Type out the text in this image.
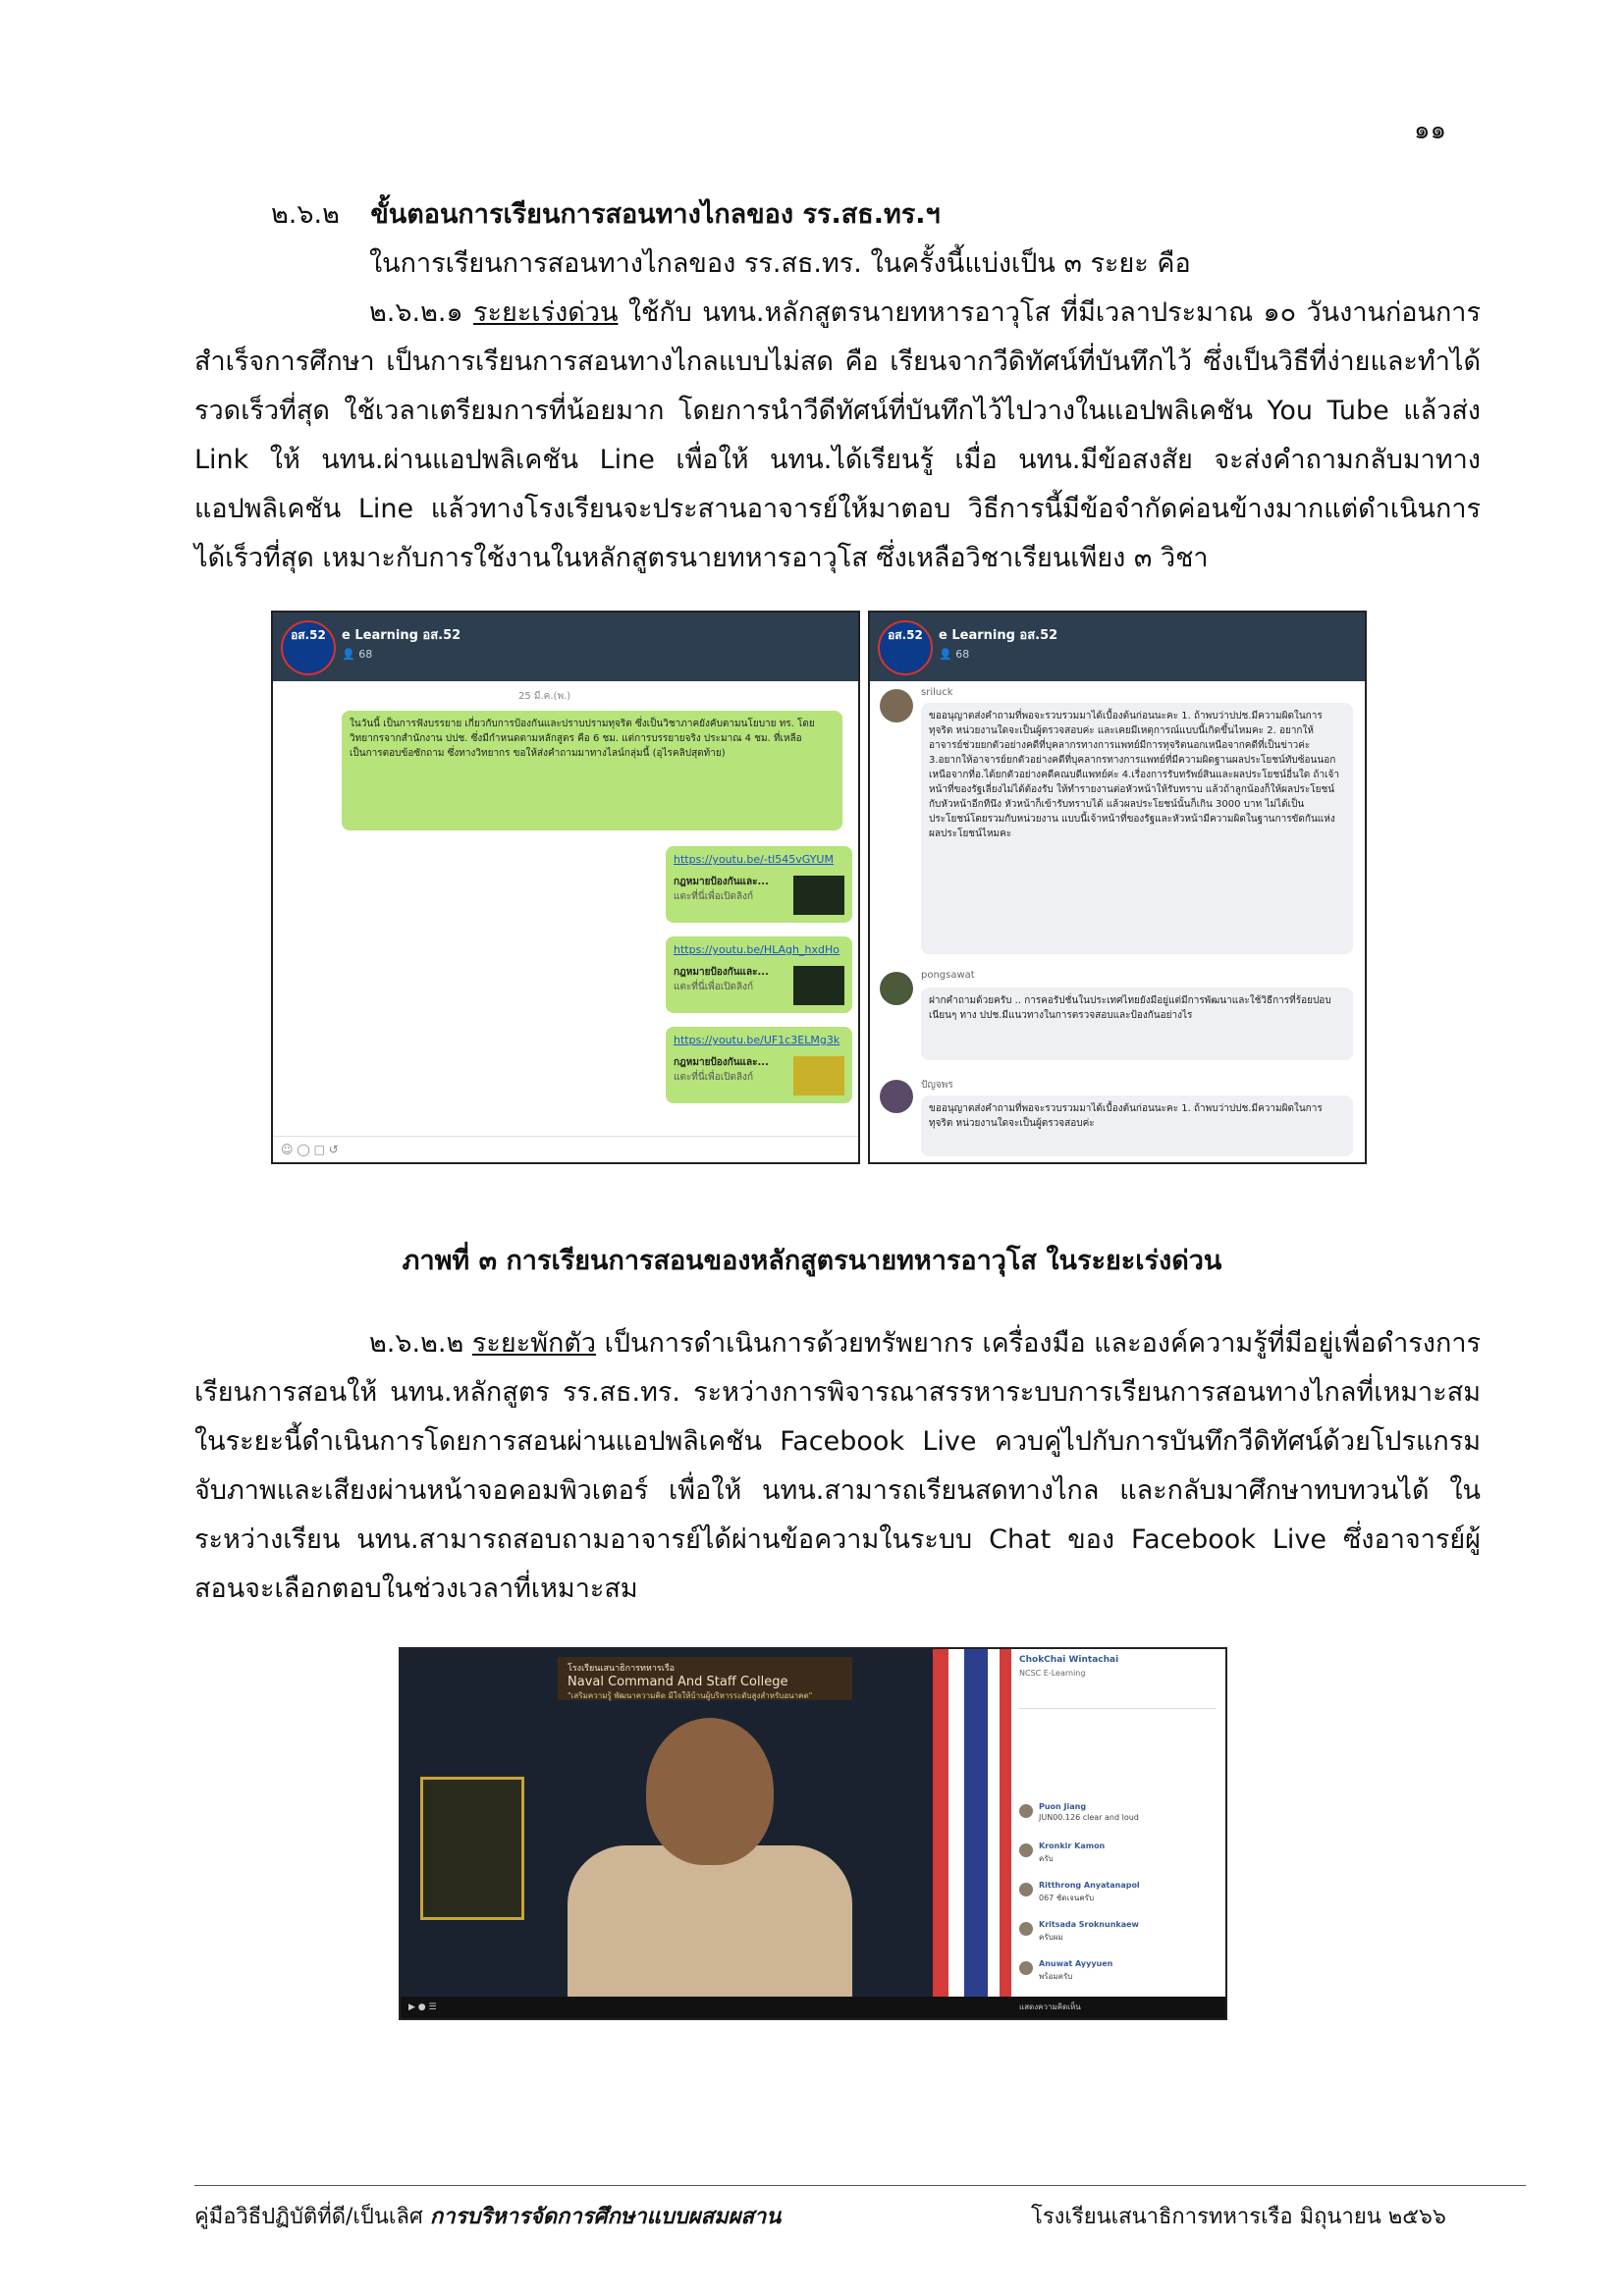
๑๑
๒.๖.๒ ขั้นตอนการเรียนการสอนทางไกลของ รร.สธ.ทร.ฯ
ในการเรียนการสอนทางไกลของ รร.สธ.ทร. ในครั้งนี้แบ่งเป็น ๓ ระยะ คือ
๒.๖.๒.๑ ระยะเร่งด่วน ใช้กับ นทน.หลักสูตรนายทหารอาวุโส ที่มีเวลาประมาณ ๑๐ วันงานก่อนการสำเร็จการศึกษา เป็นการเรียนการสอนทางไกลแบบไม่สด คือ เรียนจากวีดิทัศน์ที่บันทึกไว้ ซึ่งเป็นวิธีที่ง่ายและทำได้รวดเร็วที่สุด ใช้เวลาเตรียมการที่น้อยมาก โดยการนำวีดีทัศน์ที่บันทึกไว้ไปวางในแอปพลิเคชัน You Tube แล้วส่ง Link ให้ นทน.ผ่านแอปพลิเคชัน Line เพื่อให้ นทน.ได้เรียนรู้ เมื่อ นทน.มีข้อสงสัย จะส่งคำถามกลับมาทาง แอปพลิเคชัน Line แล้วทางโรงเรียนจะประสานอาจารย์ให้มาตอบ วิธีการนี้มีข้อจำกัดค่อนข้างมากแต่ดำเนินการได้เร็วที่สุด เหมาะกับการใช้งานในหลักสูตรนายทหารอาวุโส ซึ่งเหลือวิชาเรียนเพียง ๓ วิชา
อส.52	e Learning อส.52
👤 68
25 มี.ค.(พ.)
ในวันนี้ เป็นการฟังบรรยาย เกี่ยวกับการป้องกันและปราบปรามทุจริต ซึ่งเป็นวิชาภาคยังคับตามนโยบาย ทร. โดยวิทยากรจากสำนักงาน ปปช. ซึ่งมีกำหนดตามหลักสูตร คือ 6 ชม. แต่การบรรยายจริง ประมาณ 4 ชม. ที่เหลือเป็นการตอบข้อซักถาม ซึ่งทางวิทยากร ขอให้ส่งคำถามมาทางไลน์กลุ่มนี้ (อุไรคลิปสุดท้าย)
https://youtu.be/-tl545vGYUM
กฎหมายป้องกันและ...
แตะที่นี่เพื่อเปิดลิงก์
https://youtu.be/HLAgh_hxdHo
กฎหมายป้องกันและ...
แตะที่นี่เพื่อเปิดลิงก์
https://youtu.be/UF1c3ELMg3k
กฎหมายป้องกันและ...
แตะที่นี่เพื่อเปิดลิงก์
☺ ◯ □ ↺
อส.52	e Learning อส.52
👤 68
sriluck
ขออนุญาตส่งคำถามที่พอจะรวบรวมมาได้เบื้องต้นก่อนนะคะ 1. ถ้าพบว่าปปช.มีความผิดในการทุจริต หน่วยงานใดจะเป็นผู้ตรวจสอบค่ะ และเคยมีเหตุการณ์แบบนี้เกิดขึ้นไหมคะ 2. อยากให้อาจารย์ช่วยยกตัวอย่างคดีที่บุคลากรทางการแพทย์มีการทุจริตนอกเหนือจากคดีที่เป็นข่าวค่ะ 3.อยากให้อาจารย์ยกตัวอย่างคดีที่บุคลากรทางการแพทย์ที่มีความผิดฐานผลประโยชน์ทับซ้อนนอกเหนือจากที่อ.ได้ยกตัวอย่างคดีคณบดีแพทย์ค่ะ 4.เรื่องการรับทรัพย์สินและผลประโยชน์อื่นใด ถ้าเจ้าหน้าที่ของรัฐเลี่ยงไม่ได้ต้องรับ ให้ทำรายงานต่อหัวหน้าให้รับทราบ แล้วถ้าลูกน้องก็ให้ผลประโยชน์กับหัวหน้าอีกทีนึง หัวหน้าก็เข้ารับทราบได้ แล้วผลประโยชน์นั้นก็เกิน 3000 บาท ไม่ได้เป็นประโยชน์โดยรวมกับหน่วยงาน แบบนี้เจ้าหน้าที่ของรัฐและหัวหน้ามีความผิดในฐานการขัดกันแห่งผลประโยชน์ไหมคะ
pongsawat
ฝากคำถามด้วยครับ .. การคอรัปชั่นในประเทศไทยยังมีอยู่แต่มีการพัฒนาและใช้วิธีการที่ร้อยปอบ เนียนๆ ทาง ปปช.มีแนวทางในการตรวจสอบและป้องกันอย่างไร
ปัญจพร
ขออนุญาตส่งคำถามที่พอจะรวบรวมมาได้เบื้องต้นก่อนนะคะ 1. ถ้าพบว่าปปช.มีความผิดในการทุจริต หน่วยงานใดจะเป็นผู้ตรวจสอบค่ะ
ภาพที่ ๓ การเรียนการสอนของหลักสูตรนายทหารอาวุโส ในระยะเร่งด่วน
๒.๖.๒.๒ ระยะพักตัว เป็นการดำเนินการด้วยทรัพยากร เครื่องมือ และองค์ความรู้ที่มีอยู่เพื่อดำรงการเรียนการสอนให้ นทน.หลักสูตร รร.สธ.ทร. ระหว่างการพิจารณาสรรหาระบบการเรียนการสอนทางไกลที่เหมาะสม ในระยะนี้ดำเนินการโดยการสอนผ่านแอปพลิเคชัน Facebook Live ควบคู่ไปกับการบันทึกวีดิทัศน์ด้วยโปรแกรมจับภาพและเสียงผ่านหน้าจอคอมพิวเตอร์ เพื่อให้ นทน.สามารถเรียนสดทางไกล และกลับมาศึกษาทบทวนได้ ในระหว่างเรียน นทน.สามารถสอบถามอาจารย์ได้ผ่านข้อความในระบบ Chat ของ Facebook Live ซึ่งอาจารย์ผู้สอนจะเลือกตอบในช่วงเวลาที่เหมาะสม
โรงเรียนเสนาธิการทหารเรือ
Naval Command And Staff College
"เสริมความรู้ พัฒนาความคิด มีใจให้บ้านผู้บริหารระดับสูงสำหรับอนาคต"
▶ ● ☰
ChokChai Wintachai
NCSC E-Learning
Puon Jiang
JUN00.126 clear and loud
Kronkir Kamon
ครับ
Ritthrong Anyatanapol
067 ชัดเจนครับ
Kritsada Sroknunkaew
ครับผม
Anuwat Ayyyuen
พร้อมครับ
แสดงความคิดเห็น
คู่มือวิธีปฏิบัติที่ดี/เป็นเลิศ การบริหารจัดการศึกษาแบบผสมผสาน	โรงเรียนเสนาธิการทหารเรือ มิถุนายน ๒๕๖๖
